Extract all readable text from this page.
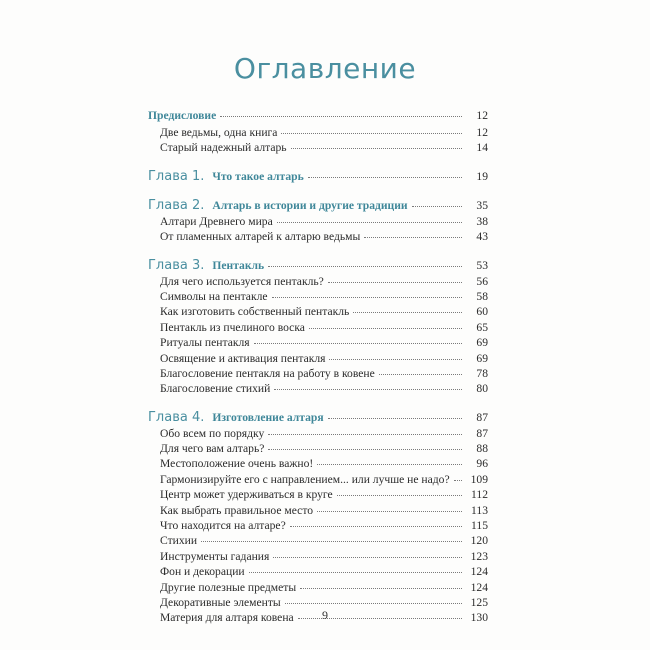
Оглавление
Предисловие	12
Две ведьмы, одна книга	12
Старый надежный алтарь	14
Глава 1. Что такое алтарь	19
Глава 2. Алтарь в истории и другие традиции	35
Алтари Древнего мира	38
От пламенных алтарей к алтарю ведьмы	43
Глава 3. Пентакль	53
Для чего используется пентакль?	56
Символы на пентакле	58
Как изготовить собственный пентакль	60
Пентакль из пчелиного воска	65
Ритуалы пентакля	69
Освящение и активация пентакля	69
Благословение пентакля на работу в ковене	78
Благословение стихий	80
Глава 4. Изготовление алтаря	87
Обо всем по порядку	87
Для чего вам алтарь?	88
Местоположение очень важно!	96
Гармонизируйте его с направлением... или лучше не надо?	109
Центр может удерживаться в круге	112
Как выбрать правильное место	113
Что находится на алтаре?	115
Стихии	120
Инструменты гадания	123
Фон и декорации	124
Другие полезные предметы	124
Декоративные элементы	125
Материя для алтаря ковена	130
9
